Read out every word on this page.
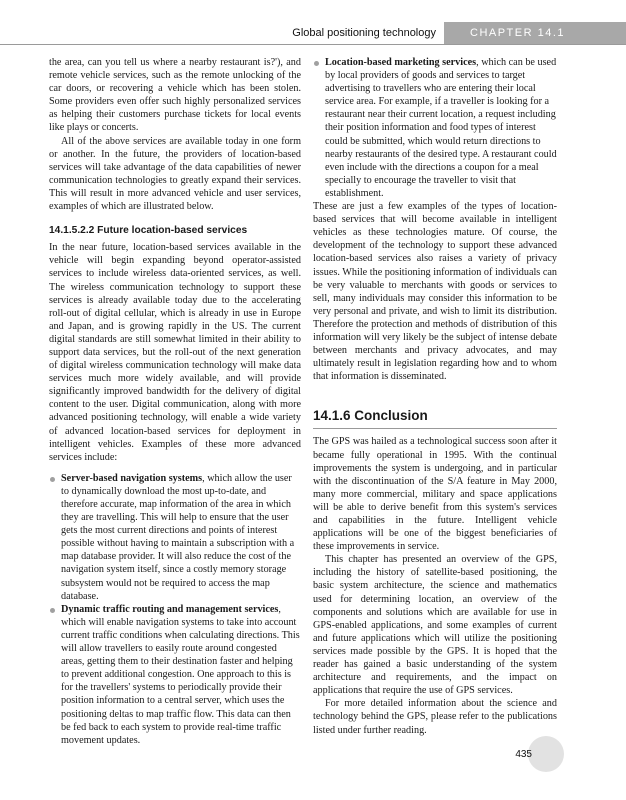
Global positioning technology	CHAPTER 14.1

the area, can you tell us where a nearby restaurant is?'), and remote vehicle services, such as the remote unlocking of the car doors, or recovering a vehicle which has been stolen. Some providers even offer such highly personalized services as helping their customers purchase tickets for local events like plays or concerts.

All of the above services are available today in one form or another. In the future, the providers of location-based services will take advantage of the data capabilities of newer communication technologies to greatly expand their services. This will result in more advanced vehicle and user services, examples of which are illustrated below.

14.1.5.2.2 Future location-based services

In the near future, location-based services available in the vehicle will begin expanding beyond operator-assisted services to include wireless data-oriented services, as well. The wireless communication technology to support these services is already available today due to the accelerating roll-out of digital cellular, which is already in use in Europe and Japan, and is growing rapidly in the US. The current digital standards are still somewhat limited in their ability to support data services, but the roll-out of the next generation of digital wireless communication technology will make data services much more widely available, and will provide significantly improved bandwidth for the delivery of digital content to the user. Digital communication, along with more advanced positioning technology, will enable a wide variety of advanced location-based services for deployment in intelligent vehicles. Examples of these more advanced services include:

Server-based navigation systems, which allow the user to dynamically download the most up-to-date, and therefore accurate, map information of the area in which they are travelling. This will help to ensure that the user gets the most current directions and points of interest possible without having to maintain a subscription with a map database provider. It will also reduce the cost of the navigation system itself, since a costly memory storage subsystem would not be required to access the map database.
Dynamic traffic routing and management services, which will enable navigation systems to take into account current traffic conditions when calculating directions. This will allow travellers to easily route around congested areas, getting them to their destination faster and helping to prevent additional congestion. One approach to this is for the travellers' systems to periodically provide their position information to a central server, which uses the positioning deltas to map traffic flow. This data can then be fed back to each system to provide real-time traffic movement updates.
Location-based marketing services, which can be used by local providers of goods and services to target advertising to travellers who are entering their local service area. For example, if a traveller is looking for a restaurant near their current location, a request including their position information and food types of interest could be submitted, which would return directions to nearby restaurants of the desired type. A restaurant could even include with the directions a coupon for a meal specially to encourage the traveller to visit that establishment.

These are just a few examples of the types of location-based services that will become available in intelligent vehicles as these technologies mature. Of course, the development of the technology to support these advanced location-based services also raises a variety of privacy issues. While the positioning information of individuals can be very valuable to merchants with goods or services to sell, many individuals may consider this information to be very personal and private, and wish to limit its distribution. Therefore the protection and methods of distribution of this information will very likely be the subject of intense debate between merchants and privacy advocates, and may ultimately result in legislation regarding how and to whom that information is disseminated.

14.1.6 Conclusion

The GPS was hailed as a technological success soon after it became fully operational in 1995. With the continual improvements the system is undergoing, and in particular with the discontinuation of the S/A feature in May 2000, many more commercial, military and space applications will be able to derive benefit from this system's services and capabilities in the future. Intelligent vehicle applications will be one of the biggest beneficiaries of these improvements in service.

This chapter has presented an overview of the GPS, including the history of satellite-based positioning, the basic system architecture, the science and mathematics used for determining location, an overview of the components and solutions which are available for use in GPS-enabled applications, and some examples of current and future applications which will utilize the positioning services made possible by the GPS. It is hoped that the reader has gained a basic understanding of the system architecture and requirements, and the impact on applications that require the use of GPS services.

For more detailed information about the science and technology behind the GPS, please refer to the publications listed under further reading.

435
